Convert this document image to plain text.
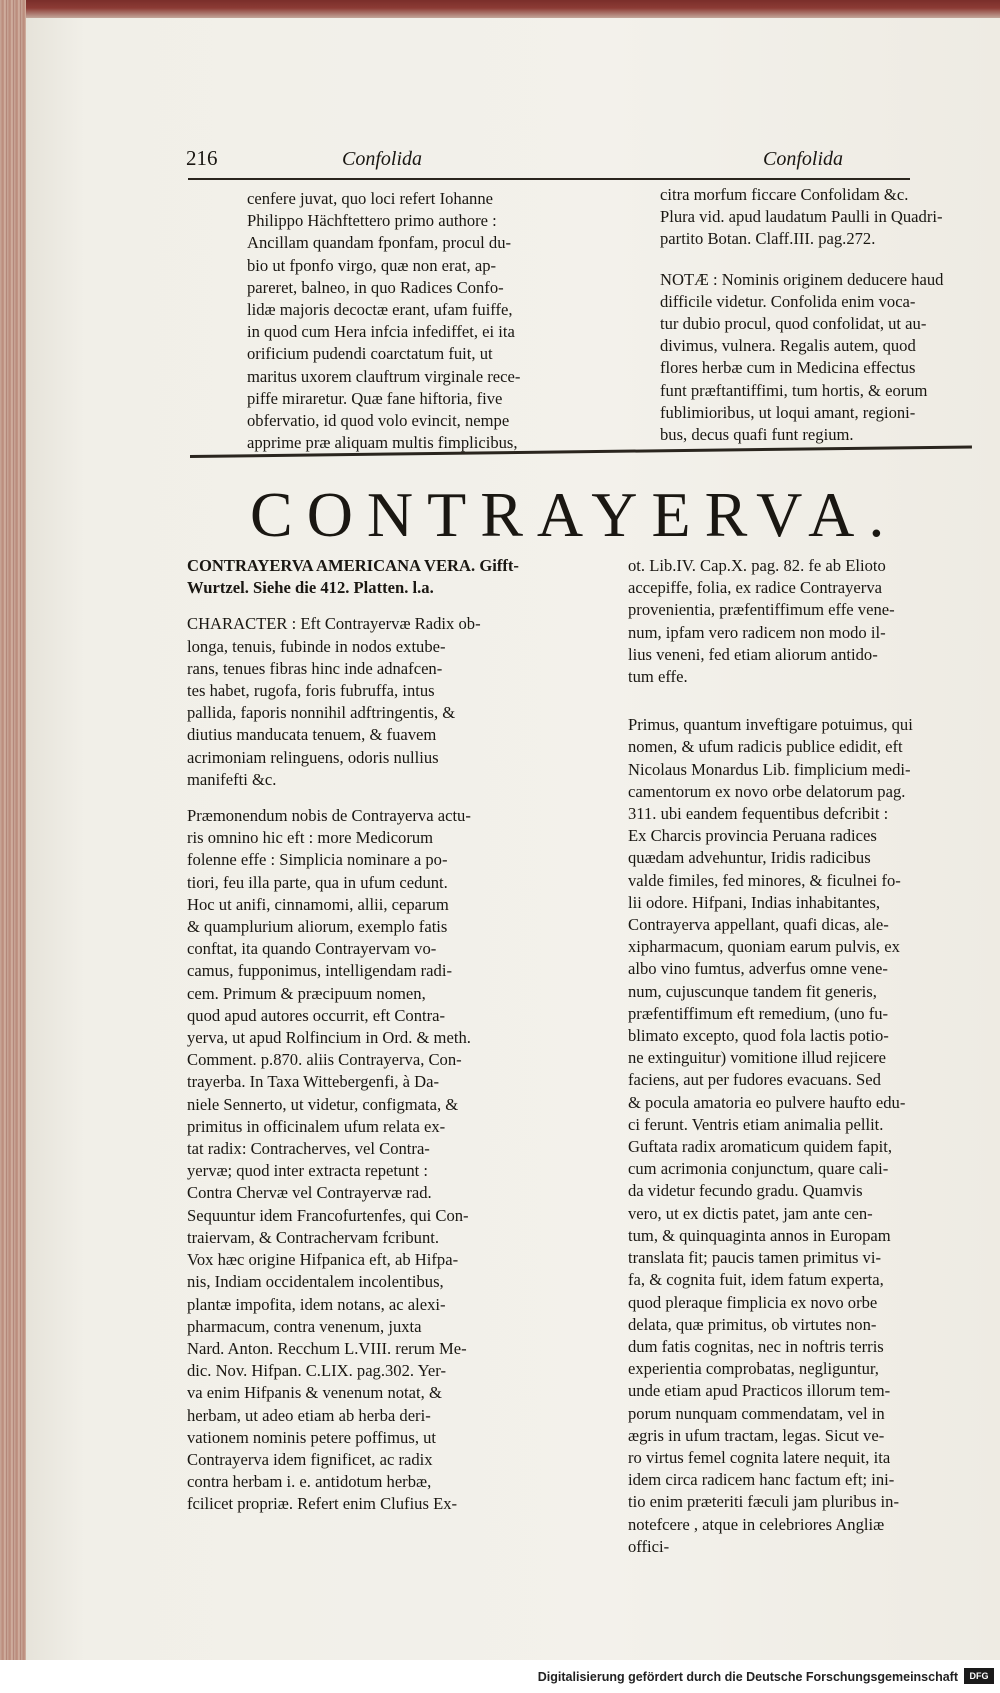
216	Confolida	Confolida
cenfere juvat, quo loci refert Iohanne
Philippo Hächftettero primo authore :
Ancillam quandam fponfam, procul du-
bio ut fponfo virgo, quæ non erat, ap-
pareret, balneo, in quo Radices Confo-
lidæ majoris decoctæ erant, ufam fuiffe,
in quod cum Hera infcia infediffet, ei ita
orificium pudendi coarctatum fuit, ut
maritus uxorem clauftrum virginale rece-
piffe miraretur. Quæ fane hiftoria, five
obfervatio, id quod volo evincit, nempe
apprime præ aliquam multis fimplicibus,
citra morfum ficcare Confolidam &c.
Plura vid. apud laudatum Paulli in Quadri-
partito Botan. Claff.III. pag.272.
NOTÆ : Nominis originem deducere haud
difficile videtur. Confolida enim voca-
tur dubio procul, quod confolidat, ut au-
divimus, vulnera. Regalis autem, quod
flores herbæ cum in Medicina effectus
funt præftantiffimi, tum hortis, & eorum
fublimioribus, ut loqui amant, regioni-
bus, decus quafi funt regium.
CONTRAYERVA.
CONTRAYERVA AMERICANA VERA. Gifft-
Wurtzel. Siehe die 412. Platten. l.a.
CHARACTER : Eft Contrayervæ Radix ob-
longa, tenuis, fubinde in nodos extube-
rans, tenues fibras hinc inde adnafcen-
tes habet, rugofa, foris fubruffa, intus
pallida, faporis nonnihil adftringentis, &
diutius manducata tenuem, & fuavem
acrimoniam relinguens, odoris nullius
manifefti &c.
Præmonendum nobis de Contrayerva actu-
ris omnino hic eft : more Medicorum
folenne effe : Simplicia nominare a po-
tiori, feu illa parte, qua in ufum cedunt.
Hoc ut anifi, cinnamomi, allii, ceparum
& quamplurium aliorum, exemplo fatis
conftat, ita quando Contrayervam vo-
camus, fupponimus, intelligendam radi-
cem. Primum & præcipuum nomen,
quod apud autores occurrit, eft Contra-
yerva, ut apud Rolfincium in Ord. & meth.
Comment. p.870. aliis Contrayerva, Con-
trayerba. In Taxa Wittebergenfi, à Da-
niele Sennerto, ut videtur, configmata, &
primitus in officinalem ufum relata ex-
tat radix: Contracherves, vel Contra-
yervæ; quod inter extracta repetunt :
Contra Chervæ vel Contrayervæ rad.
Sequuntur idem Francofurtenfes, qui Con-
traiervam, & Contrachervam fcribunt.
Vox hæc origine Hifpanica eft, ab Hifpa-
nis, Indiam occidentalem incolentibus,
plantæ impofita, idem notans, ac alexi-
pharmacum, contra venenum, juxta
Nard. Anton. Recchum L.VIII. rerum Me-
dic. Nov. Hifpan. C.LIX. pag.302. Yer-
va enim Hifpanis & venenum notat, &
herbam, ut adeo etiam ab herba deri-
vationem nominis petere poffimus, ut
Contrayerva idem fignificet, ac radix
contra herbam i. e. antidotum herbæ,
fcilicet propriæ. Refert enim Clufius Ex-
ot. Lib.IV. Cap.X. pag. 82. fe ab Elioto
accepiffe, folia, ex radice Contrayerva
provenientia, præfentiffimum effe vene-
num, ipfam vero radicem non modo il-
lius veneni, fed etiam aliorum antido-
tum effe.
Primus, quantum inveftigare potuimus, qui
nomen, & ufum radicis publice edidit, eft
Nicolaus Monardus Lib. fimplicium medi-
camentorum ex novo orbe delatorum pag.
311. ubi eandem fequentibus defcribit :
Ex Charcis provincia Peruana radices
quædam advehuntur, Iridis radicibus
valde fimiles, fed minores, & ficulnei fo-
lii odore. Hifpani, Indias inhabitantes,
Contrayerva appellant, quafi dicas, ale-
xipharmacum, quoniam earum pulvis, ex
albo vino fumtus, adverfus omne vene-
num, cujuscunque tandem fit generis,
præfentiffimum eft remedium, (uno fu-
blimato excepto, quod fola lactis potio-
ne extinguitur) vomitione illud rejicere
faciens, aut per fudores evacuans. Sed
& pocula amatoria eo pulvere haufto edu-
ci ferunt. Ventris etiam animalia pellit.
Guftata radix aromaticum quidem fapit,
cum acrimonia conjunctum, quare cali-
da videtur fecundo gradu. Quamvis
vero, ut ex dictis patet, jam ante cen-
tum, & quinquaginta annos in Europam
translata fit; paucis tamen primitus vi-
fa, & cognita fuit, idem fatum experta,
quod pleraque fimplicia ex novo orbe
delata, quæ primitus, ob virtutes non-
dum fatis cognitas, nec in noftris terris
experientia comprobatas, negliguntur,
unde etiam apud Practicos illorum tem-
porum nunquam commendatam, vel in
ægris in ufum tractam, legas. Sicut ve-
ro virtus femel cognita latere nequit, ita
idem circa radicem hanc factum eft; ini-
tio enim præteriti fæculi jam pluribus in-
notefcere , atque in celebriores Angliæ
offici-
Digitalisierung gefördert durch die Deutsche Forschungsgemeinschaft	DFG
